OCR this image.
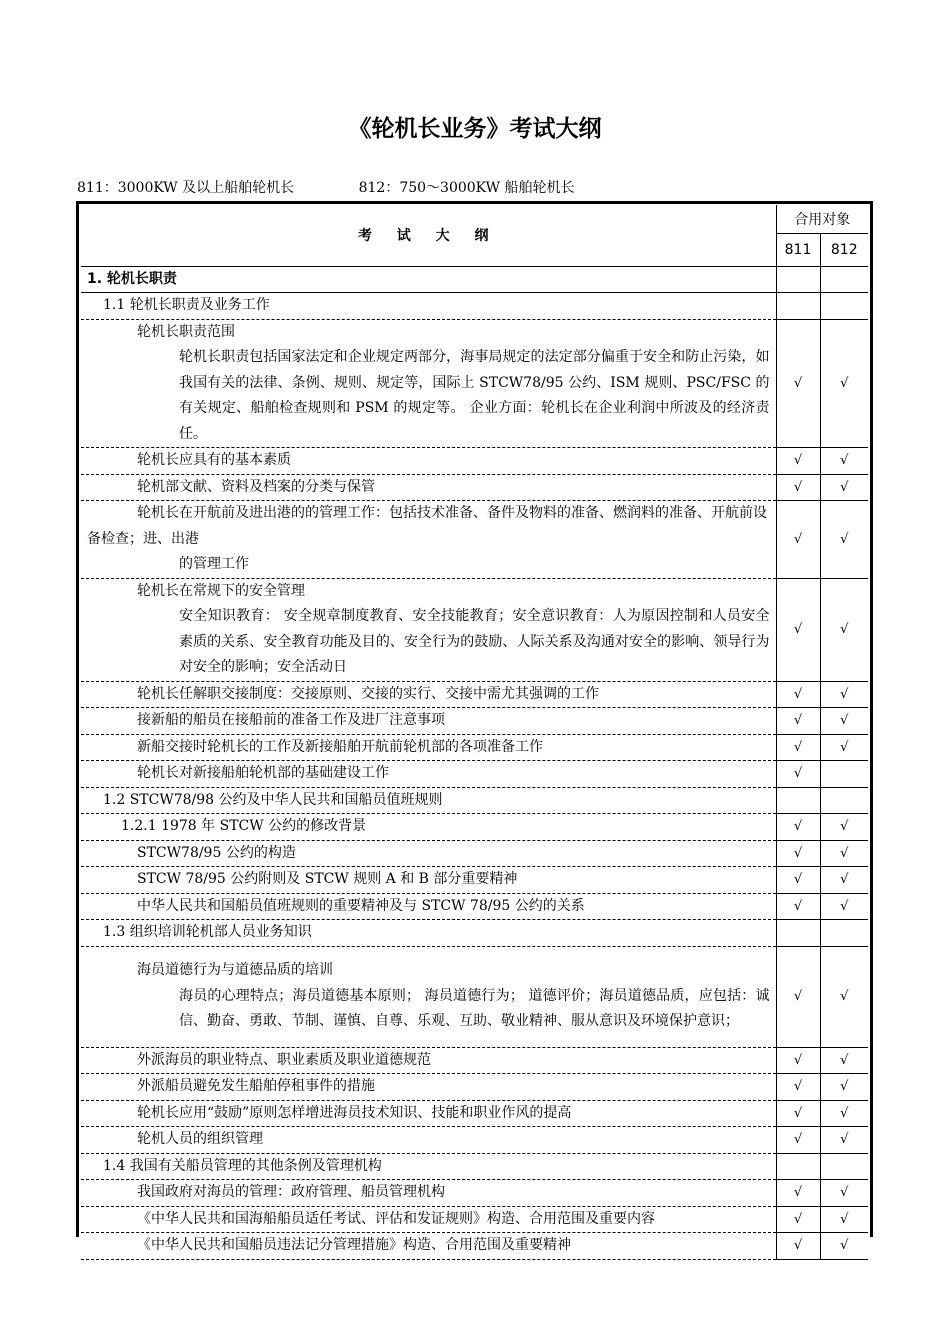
《轮机长业务》考试大纲
811：3000KW 及以上船舶轮机长	812：750～3000KW 船舶轮机长
考 试 大 纲	合用对象	
	811	812
1. 轮机长职责		
1.1 轮机长职责及业务工作		

轮机长职责范围
轮机长职责包括国家法定和企业规定两部分，海事局规定的法定部分偏重于安全和防止污染，如我国有关的法律、条例、规则、规定等，国际上 STCW78/95 公约、ISM 规则、PSC/FSC 的有关规定、船舶检查规则和 PSM 的规定等。 企业方面：轮机长在企业利润中所波及的经济责任。	√	√
轮机长应具有的基本素质	√	√
轮机部文献、资料及档案的分类与保管	√	√

轮机长在开航前及进出港的的管理工作：包括技术准备、备件及物料的准备、燃润料的准备、开航前设备检查；进、出港
的管理工作	√	√

轮机长在常规下的安全管理
安全知识教育： 安全规章制度教育、安全技能教育；安全意识教育：人为原因控制和人员安全素质的关系、安全教育功能及目的、安全行为的鼓励、人际关系及沟通对安全的影响、领导行为对安全的影响；安全活动日	√	√
轮机长任解职交接制度：交接原则、交接的实行、交接中需尤其强调的工作	√	√
接新船的船员在接船前的准备工作及进厂注意事项	√	√
新船交接时轮机长的工作及新接船舶开航前轮机部的各项准备工作	√	√
轮机长对新接船舶轮机部的基础建设工作	√	
1.2 STCW78/98 公约及中华人民共和国船员值班规则		
1.2.1 1978 年 STCW 公约的修改背景	√	√
STCW78/95 公约的构造	√	√
STCW 78/95 公约附则及 STCW 规则 A 和 B 部分重要精神	√	√
中华人民共和国船员值班规则的重要精神及与 STCW 78/95 公约的关系	√	√
1.3 组织培训轮机部人员业务知识		

海员道德行为与道德品质的培训
海员的心理特点；海员道德基本原则； 海员道德行为； 道德评价；海员道德品质，应包括：诚信、勤奋、勇敢、节制、谨慎、自尊、乐观、互助、敬业精神、服从意识及环境保护意识；	√	√
外派海员的职业特点、职业素质及职业道德规范	√	√
外派船员避免发生船舶停租事件的措施	√	√
轮机长应用“鼓励”原则怎样增进海员技术知识、技能和职业作风的提高	√	√
轮机人员的组织管理	√	√
1.4 我国有关船员管理的其他条例及管理机构		
我国政府对海员的管理：政府管理、船员管理机构	√	√
《中华人民共和国海船船员适任考试、评估和发证规则》构造、合用范围及重要内容	√	√
《中华人民共和国船员违法记分管理措施》构造、合用范围及重要精神	√	√
